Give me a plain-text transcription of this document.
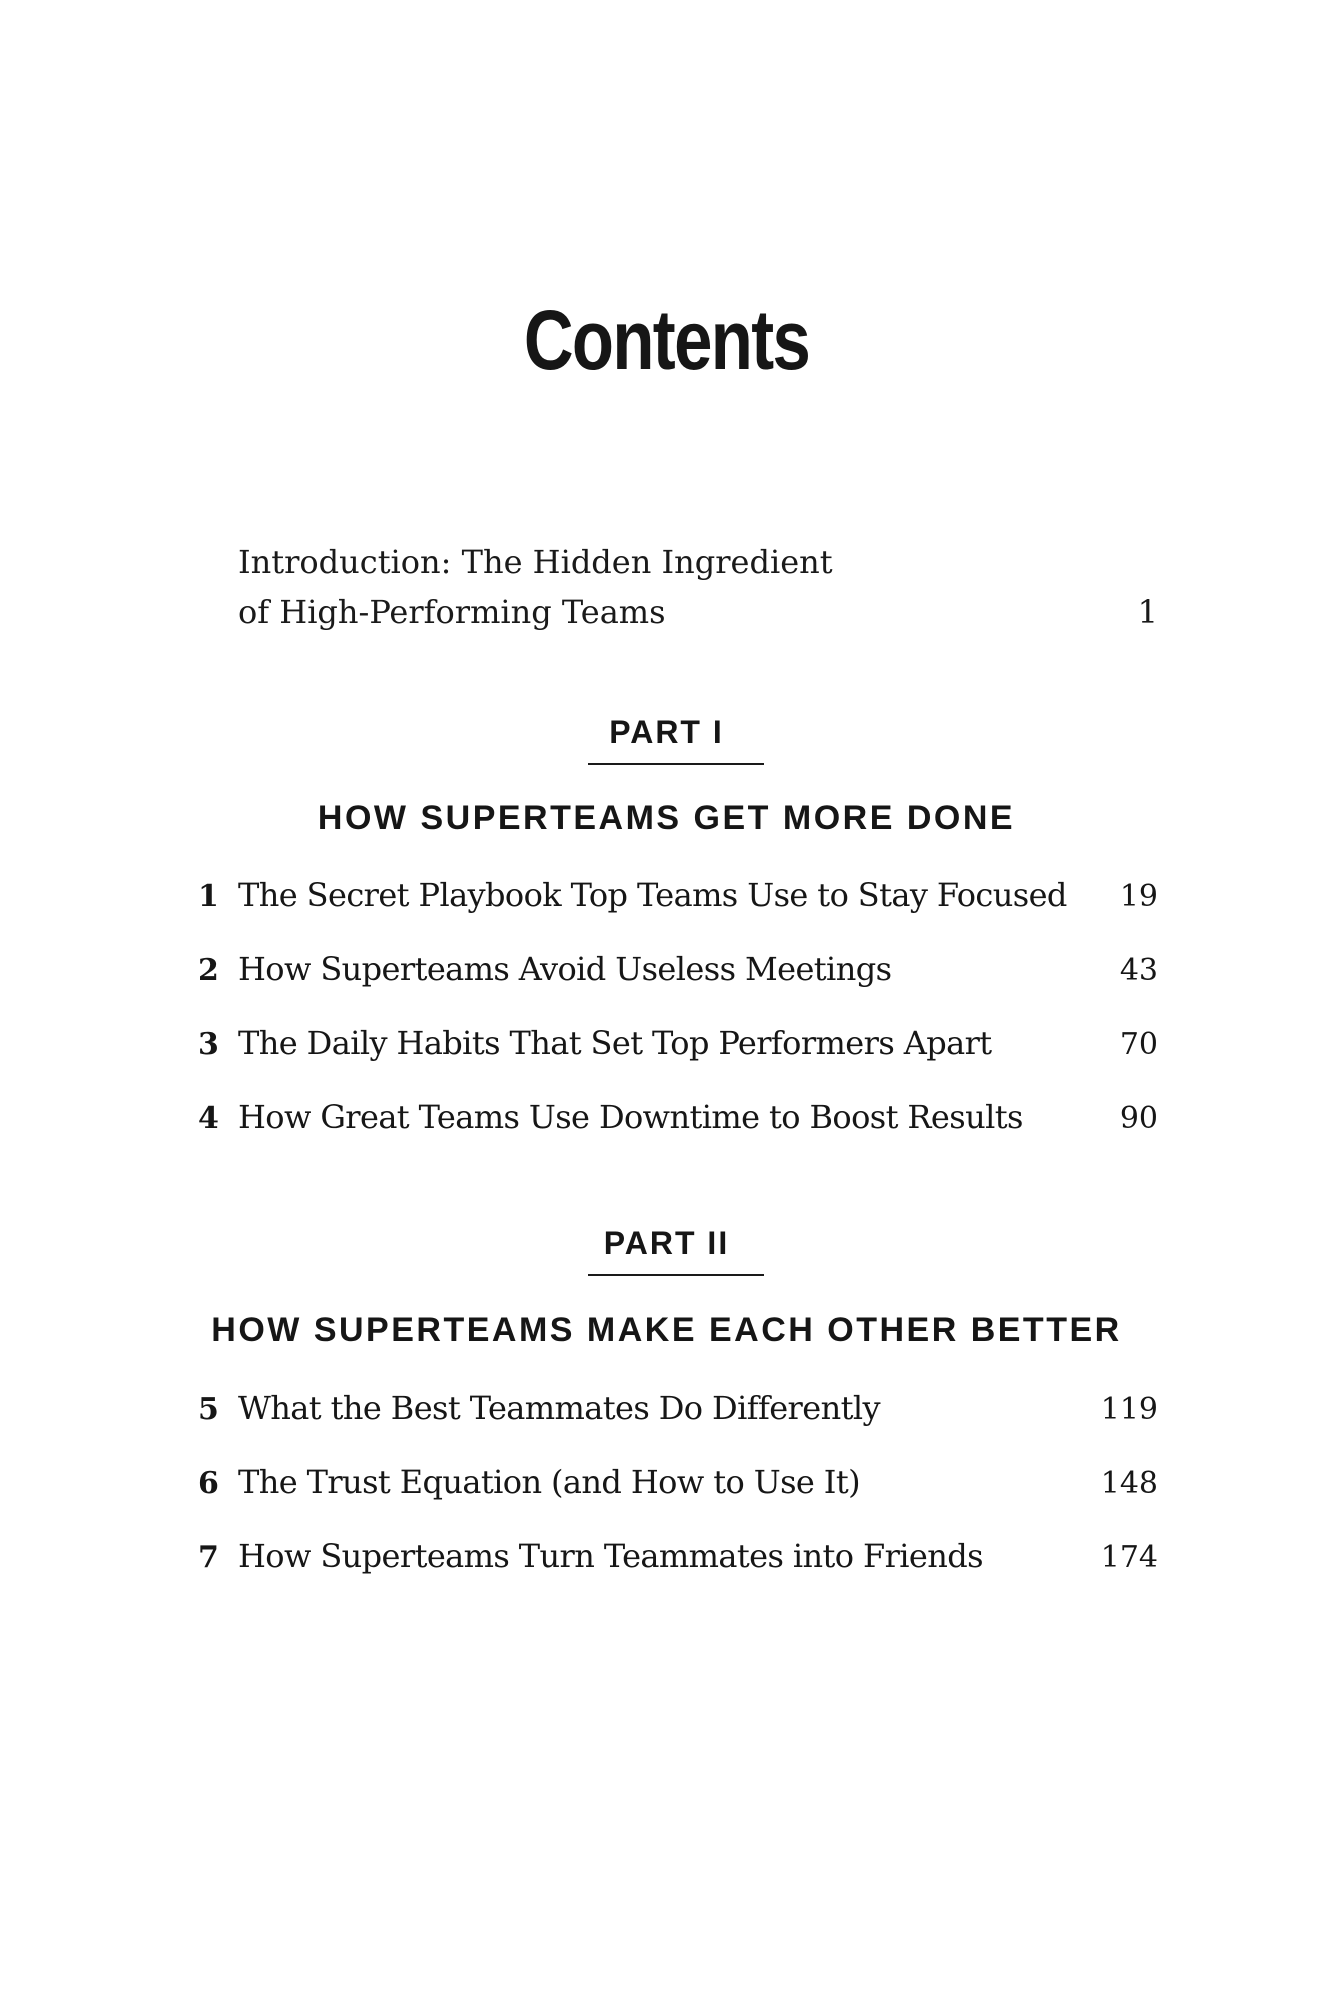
Contents
Introduction: The Hidden Ingredient
of High-Performing Teams	1
PART I
HOW SUPERTEAMS GET MORE DONE
1 The Secret Playbook Top Teams Use to Stay Focused	19
2 How Superteams Avoid Useless Meetings	43
3 The Daily Habits That Set Top Performers Apart	70
4 How Great Teams Use Downtime to Boost Results	90
PART II
HOW SUPERTEAMS MAKE EACH OTHER BETTER
5 What the Best Teammates Do Differently	119
6 The Trust Equation (and How to Use It)	148
7 How Superteams Turn Teammates into Friends	174
